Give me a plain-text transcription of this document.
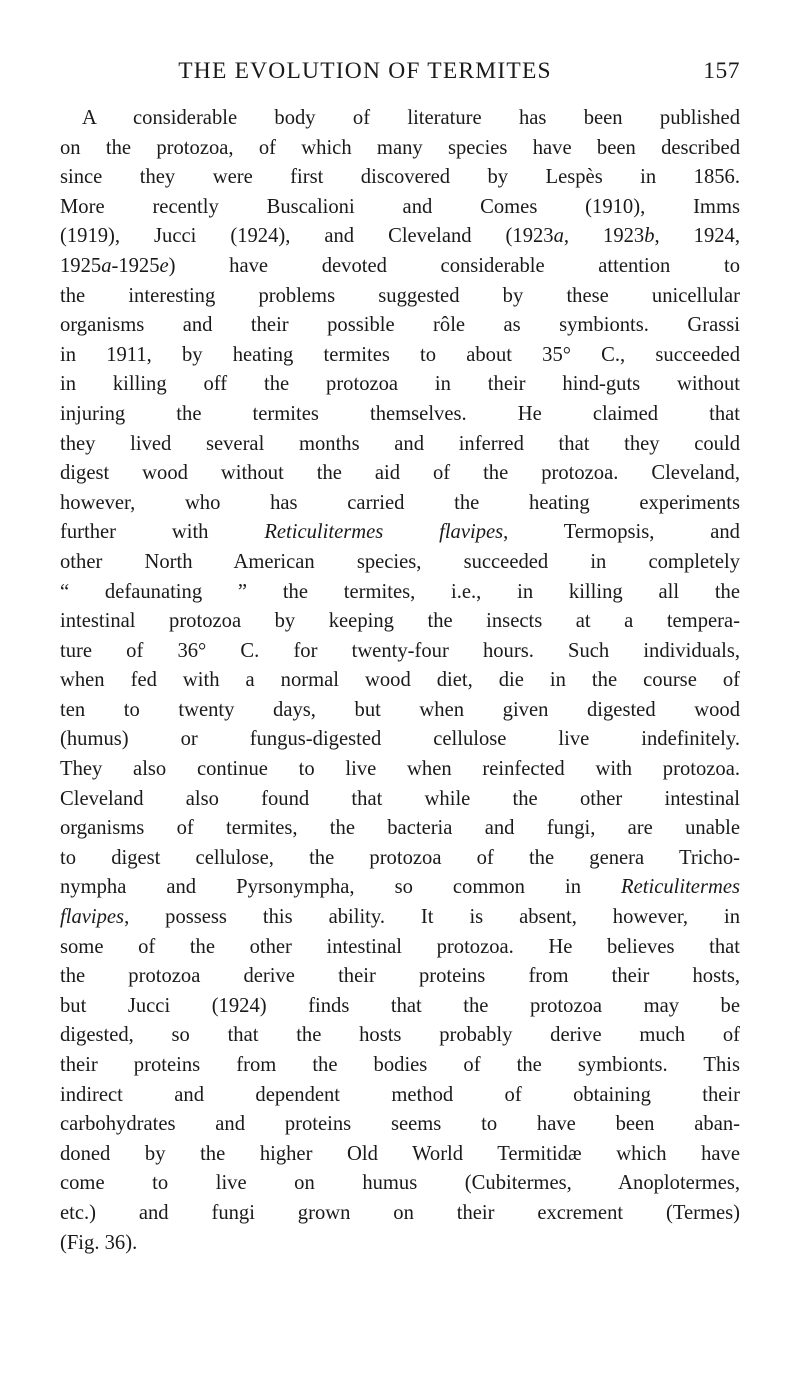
THE EVOLUTION OF TERMITES	157
A considerable body of literature has been published
on the protozoa, of which many species have been described
since they were first discovered by Lespès in 1856.
More recently Buscalioni and Comes (1910), Imms
(1919), Jucci (1924), and Cleveland (1923a, 1923b, 1924,
1925a-1925e) have devoted considerable attention to
the interesting problems suggested by these unicellular
organisms and their possible rôle as symbionts. Grassi
in 1911, by heating termites to about 35° C., succeeded
in killing off the protozoa in their hind-guts without
injuring the termites themselves. He claimed that
they lived several months and inferred that they could
digest wood without the aid of the protozoa. Cleveland,
however, who has carried the heating experiments
further with Reticulitermes flavipes, Termopsis, and
other North American species, succeeded in completely
“ defaunating ” the termites, i.e., in killing all the
intestinal protozoa by keeping the insects at a tempera-
ture of 36° C. for twenty-four hours. Such individuals,
when fed with a normal wood diet, die in the course of
ten to twenty days, but when given digested wood
(humus) or fungus-digested cellulose live indefinitely.
They also continue to live when reinfected with protozoa.
Cleveland also found that while the other intestinal
organisms of termites, the bacteria and fungi, are unable
to digest cellulose, the protozoa of the genera Tricho-
nympha and Pyrsonympha, so common in Reticulitermes
flavipes, possess this ability. It is absent, however, in
some of the other intestinal protozoa. He believes that
the protozoa derive their proteins from their hosts,
but Jucci (1924) finds that the protozoa may be
digested, so that the hosts probably derive much of
their proteins from the bodies of the symbionts. This
indirect and dependent method of obtaining their
carbohydrates and proteins seems to have been aban-
doned by the higher Old World Termitidæ which have
come to live on humus (Cubitermes, Anoplotermes,
etc.) and fungi grown on their excrement (Termes)
(Fig. 36).
